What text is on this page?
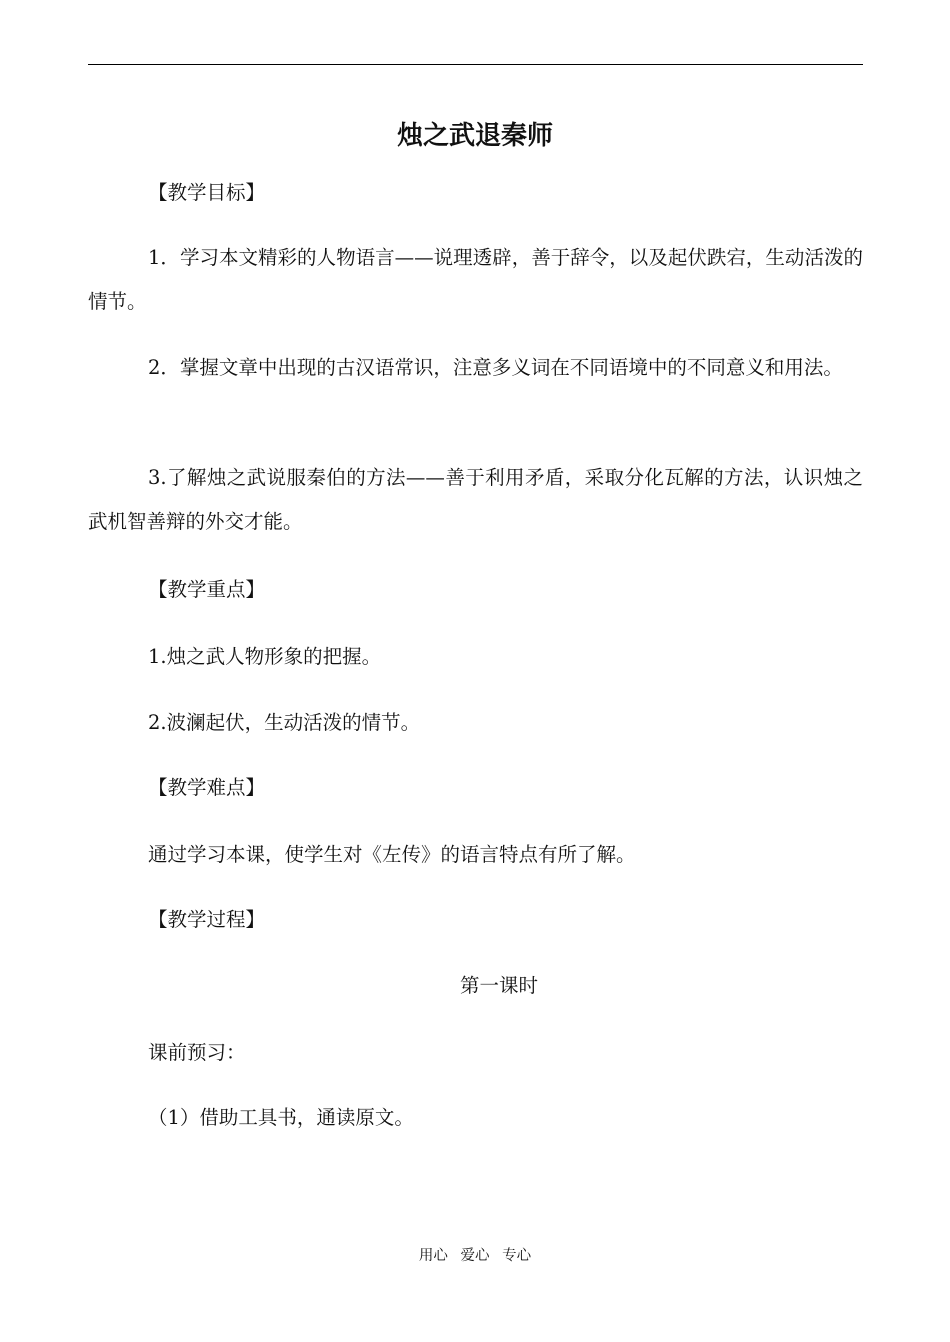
烛之武退秦师
【教学目标】
1．学习本文精彩的人物语言——说理透辟，善于辞令，以及起伏跌宕，生动活泼的情节。
2．掌握文章中出现的古汉语常识，注意多义词在不同语境中的不同意义和用法。
3.了解烛之武说服秦伯的方法——善于利用矛盾，采取分化瓦解的方法，认识烛之武机智善辩的外交才能。
【教学重点】
1.烛之武人物形象的把握。
2.波澜起伏，生动活泼的情节。
【教学难点】
通过学习本课，使学生对《左传》的语言特点有所了解。
【教学过程】
第一课时
课前预习：
（1）借助工具书，通读原文。
用心 爱心 专心
